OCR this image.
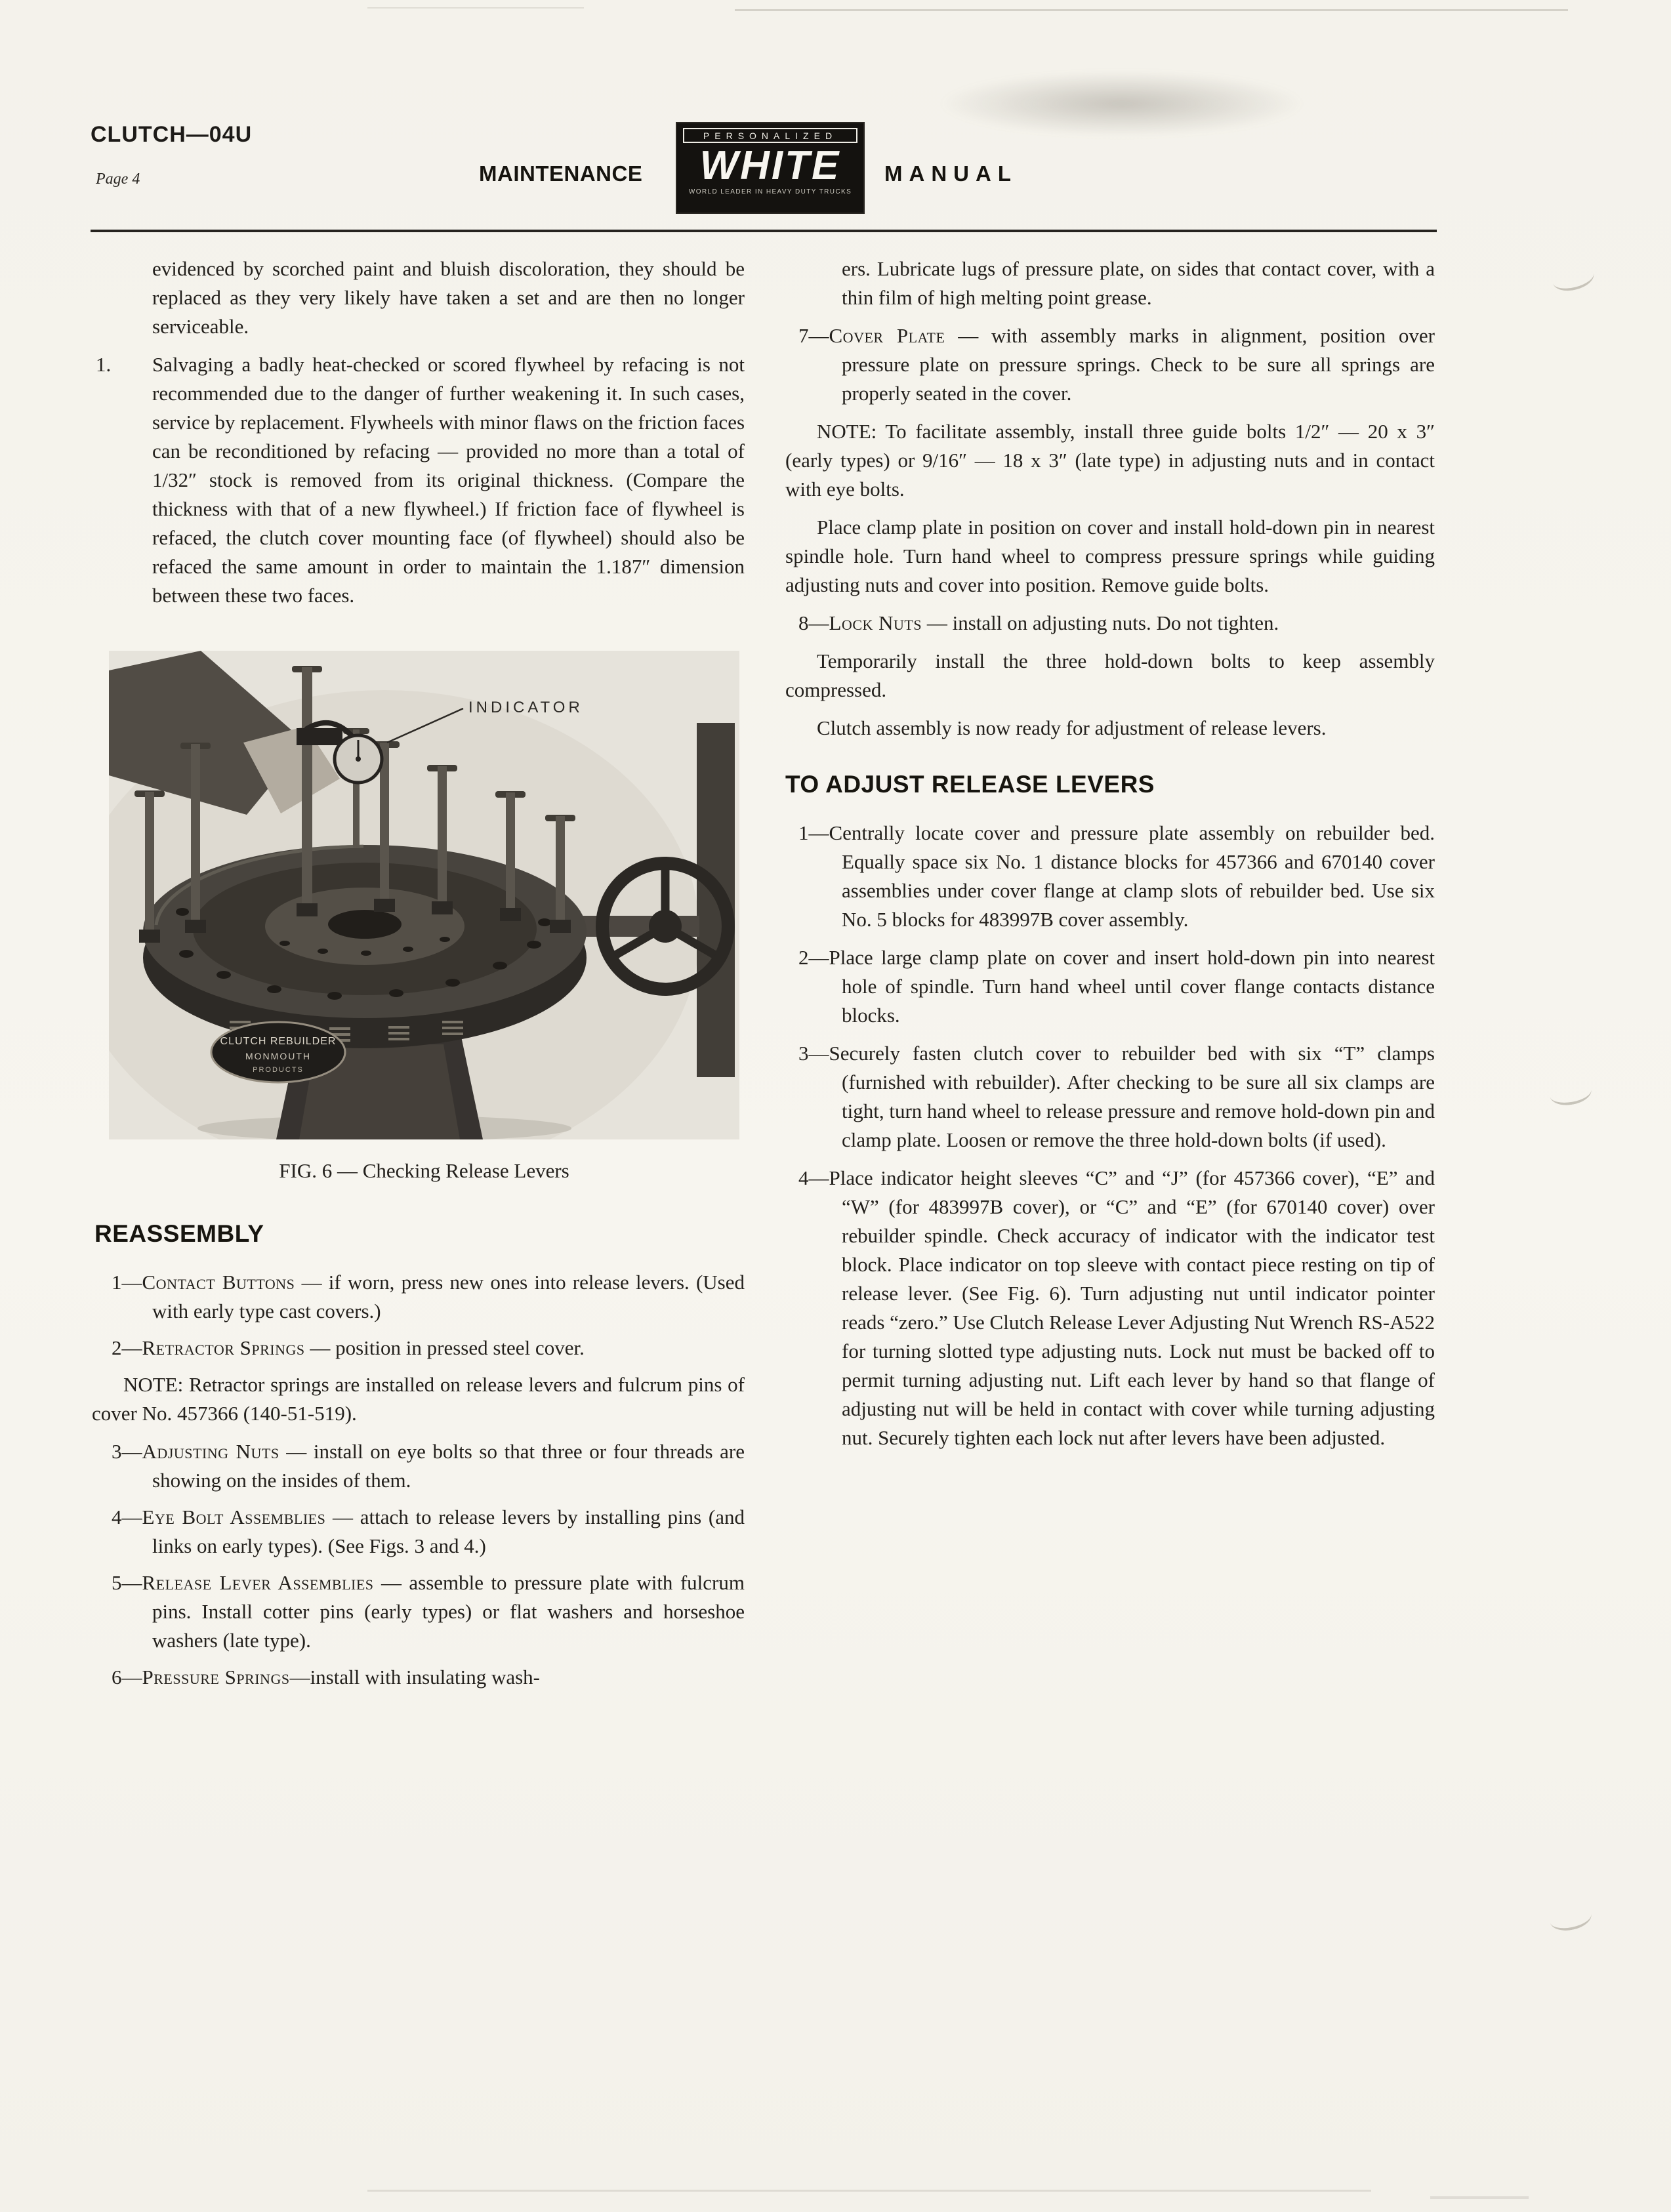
CLUTCH—04U
Page 4	MAINTENANCE
PERSONALIZED
WHITE
WORLD LEADER IN HEAVY DUTY TRUCKS
MANUAL

evidenced by scorched paint and bluish discoloration, they should be replaced as they very likely have taken a set and are then no longer serviceable.

1. Salvaging a badly heat-checked or scored flywheel by refacing is not recommended due to the danger of further weakening it. In such cases, service by replacement. Flywheels with minor flaws on the friction faces can be reconditioned by refacing — provided no more than a total of 1/32″ stock is removed from its original thickness. (Compare the thickness with that of a new flywheel.) If friction face of flywheel is refaced, the clutch cover mounting face (of flywheel) should also be refaced the same amount in order to maintain the 1.187″ dimension between these two faces.

CLUTCH REBUILDER
MONMOUTH
PRODUCTS
INDICATOR
FIG. 6 — Checking Release Levers
REASSEMBLY

1—Contact Buttons — if worn, press new ones into release levers. (Used with early type cast covers.)

2—Retractor Springs — position in pressed steel cover.

NOTE: Retractor springs are installed on release levers and fulcrum pins of cover No. 457366 (140-51-519).

3—Adjusting Nuts — install on eye bolts so that three or four threads are showing on the insides of them.

4—Eye Bolt Assemblies — attach to release levers by installing pins (and links on early types). (See Figs. 3 and 4.)

5—Release Lever Assemblies — assemble to pressure plate with fulcrum pins. Install cotter pins (early types) or flat washers and horseshoe washers (late type).

6—Pressure Springs—install with insulating wash-

ers. Lubricate lugs of pressure plate, on sides that contact cover, with a thin film of high melting point grease.

7—Cover Plate — with assembly marks in alignment, position over pressure plate on pressure springs. Check to be sure all springs are properly seated in the cover.

NOTE: To facilitate assembly, install three guide bolts 1/2″ — 20 x 3″ (early types) or 9/16″ — 18 x 3″ (late type) in adjusting nuts and in contact with eye bolts.

Place clamp plate in position on cover and install hold-down pin in nearest spindle hole. Turn hand wheel to compress pressure springs while guiding adjusting nuts and cover into position. Remove guide bolts.

8—Lock Nuts — install on adjusting nuts. Do not tighten.

Temporarily install the three hold-down bolts to keep assembly compressed.

Clutch assembly is now ready for adjustment of release levers.

TO ADJUST RELEASE LEVERS

1—Centrally locate cover and pressure plate assembly on rebuilder bed. Equally space six No. 1 distance blocks for 457366 and 670140 cover assemblies under cover flange at clamp slots of rebuilder bed. Use six No. 5 blocks for 483997B cover assembly.

2—Place large clamp plate on cover and insert hold-down pin into nearest hole of spindle. Turn hand wheel until cover flange contacts distance blocks.

3—Securely fasten clutch cover to rebuilder bed with six “T” clamps (furnished with rebuilder). After checking to be sure all six clamps are tight, turn hand wheel to release pressure and remove hold-down pin and clamp plate. Loosen or remove the three hold-down bolts (if used).

4—Place indicator height sleeves “C” and “J” (for 457366 cover), “E” and “W” (for 483997B cover), or “C” and “E” (for 670140 cover) over rebuilder spindle. Check accuracy of indicator with the indicator test block. Place indicator on top sleeve with contact piece resting on tip of release lever. (See Fig. 6). Turn adjusting nut until indicator pointer reads “zero.” Use Clutch Release Lever Adjusting Nut Wrench RS-A522 for turning slotted type adjusting nuts. Lock nut must be backed off to permit turning adjusting nut. Lift each lever by hand so that flange of adjusting nut will be held in contact with cover while turning adjusting nut. Securely tighten each lock nut after levers have been adjusted.
